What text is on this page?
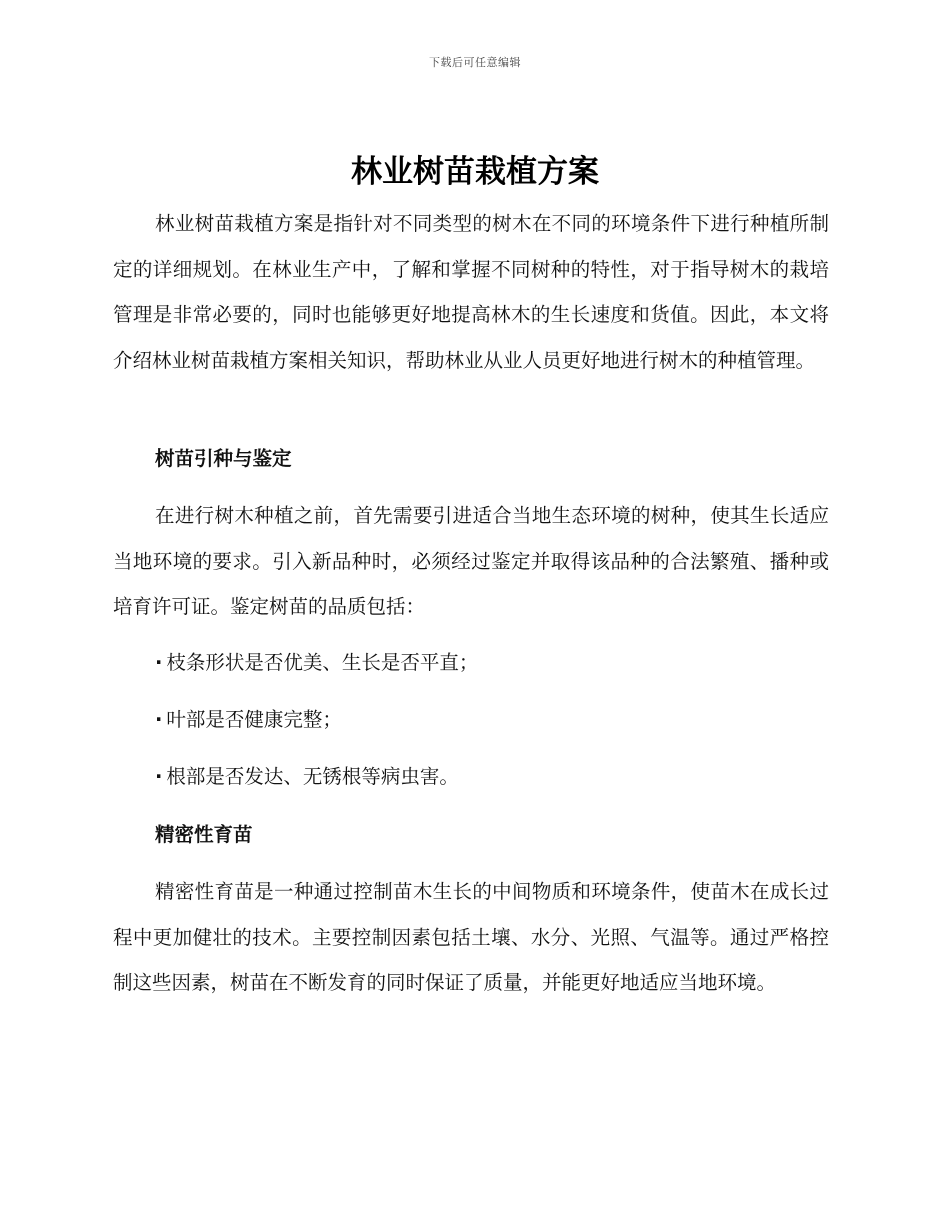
下载后可任意编辑
林业树苗栽植方案

林业树苗栽植方案是指针对不同类型的树木在不同的环境条件下进行种植所制定的详细规划。在林业生产中，了解和掌握不同树种的特性，对于指导树木的栽培管理是非常必要的，同时也能够更好地提高林木的生长速度和货值。因此，本文将介绍林业树苗栽植方案相关知识，帮助林业从业人员更好地进行树木的种植管理。

树苗引种与鉴定

在进行树木种植之前，首先需要引进适合当地生态环境的树种，使其生长适应当地环境的要求。引入新品种时，必须经过鉴定并取得该品种的合法繁殖、播种或培育许可证。鉴定树苗的品质包括：

· 枝条形状是否优美、生长是否平直；
· 叶部是否健康完整；
· 根部是否发达、无锈根等病虫害。
精密性育苗

精密性育苗是一种通过控制苗木生长的中间物质和环境条件，使苗木在成长过程中更加健壮的技术。主要控制因素包括土壤、水分、光照、气温等。通过严格控制这些因素，树苗在不断发育的同时保证了质量，并能更好地适应当地环境。
